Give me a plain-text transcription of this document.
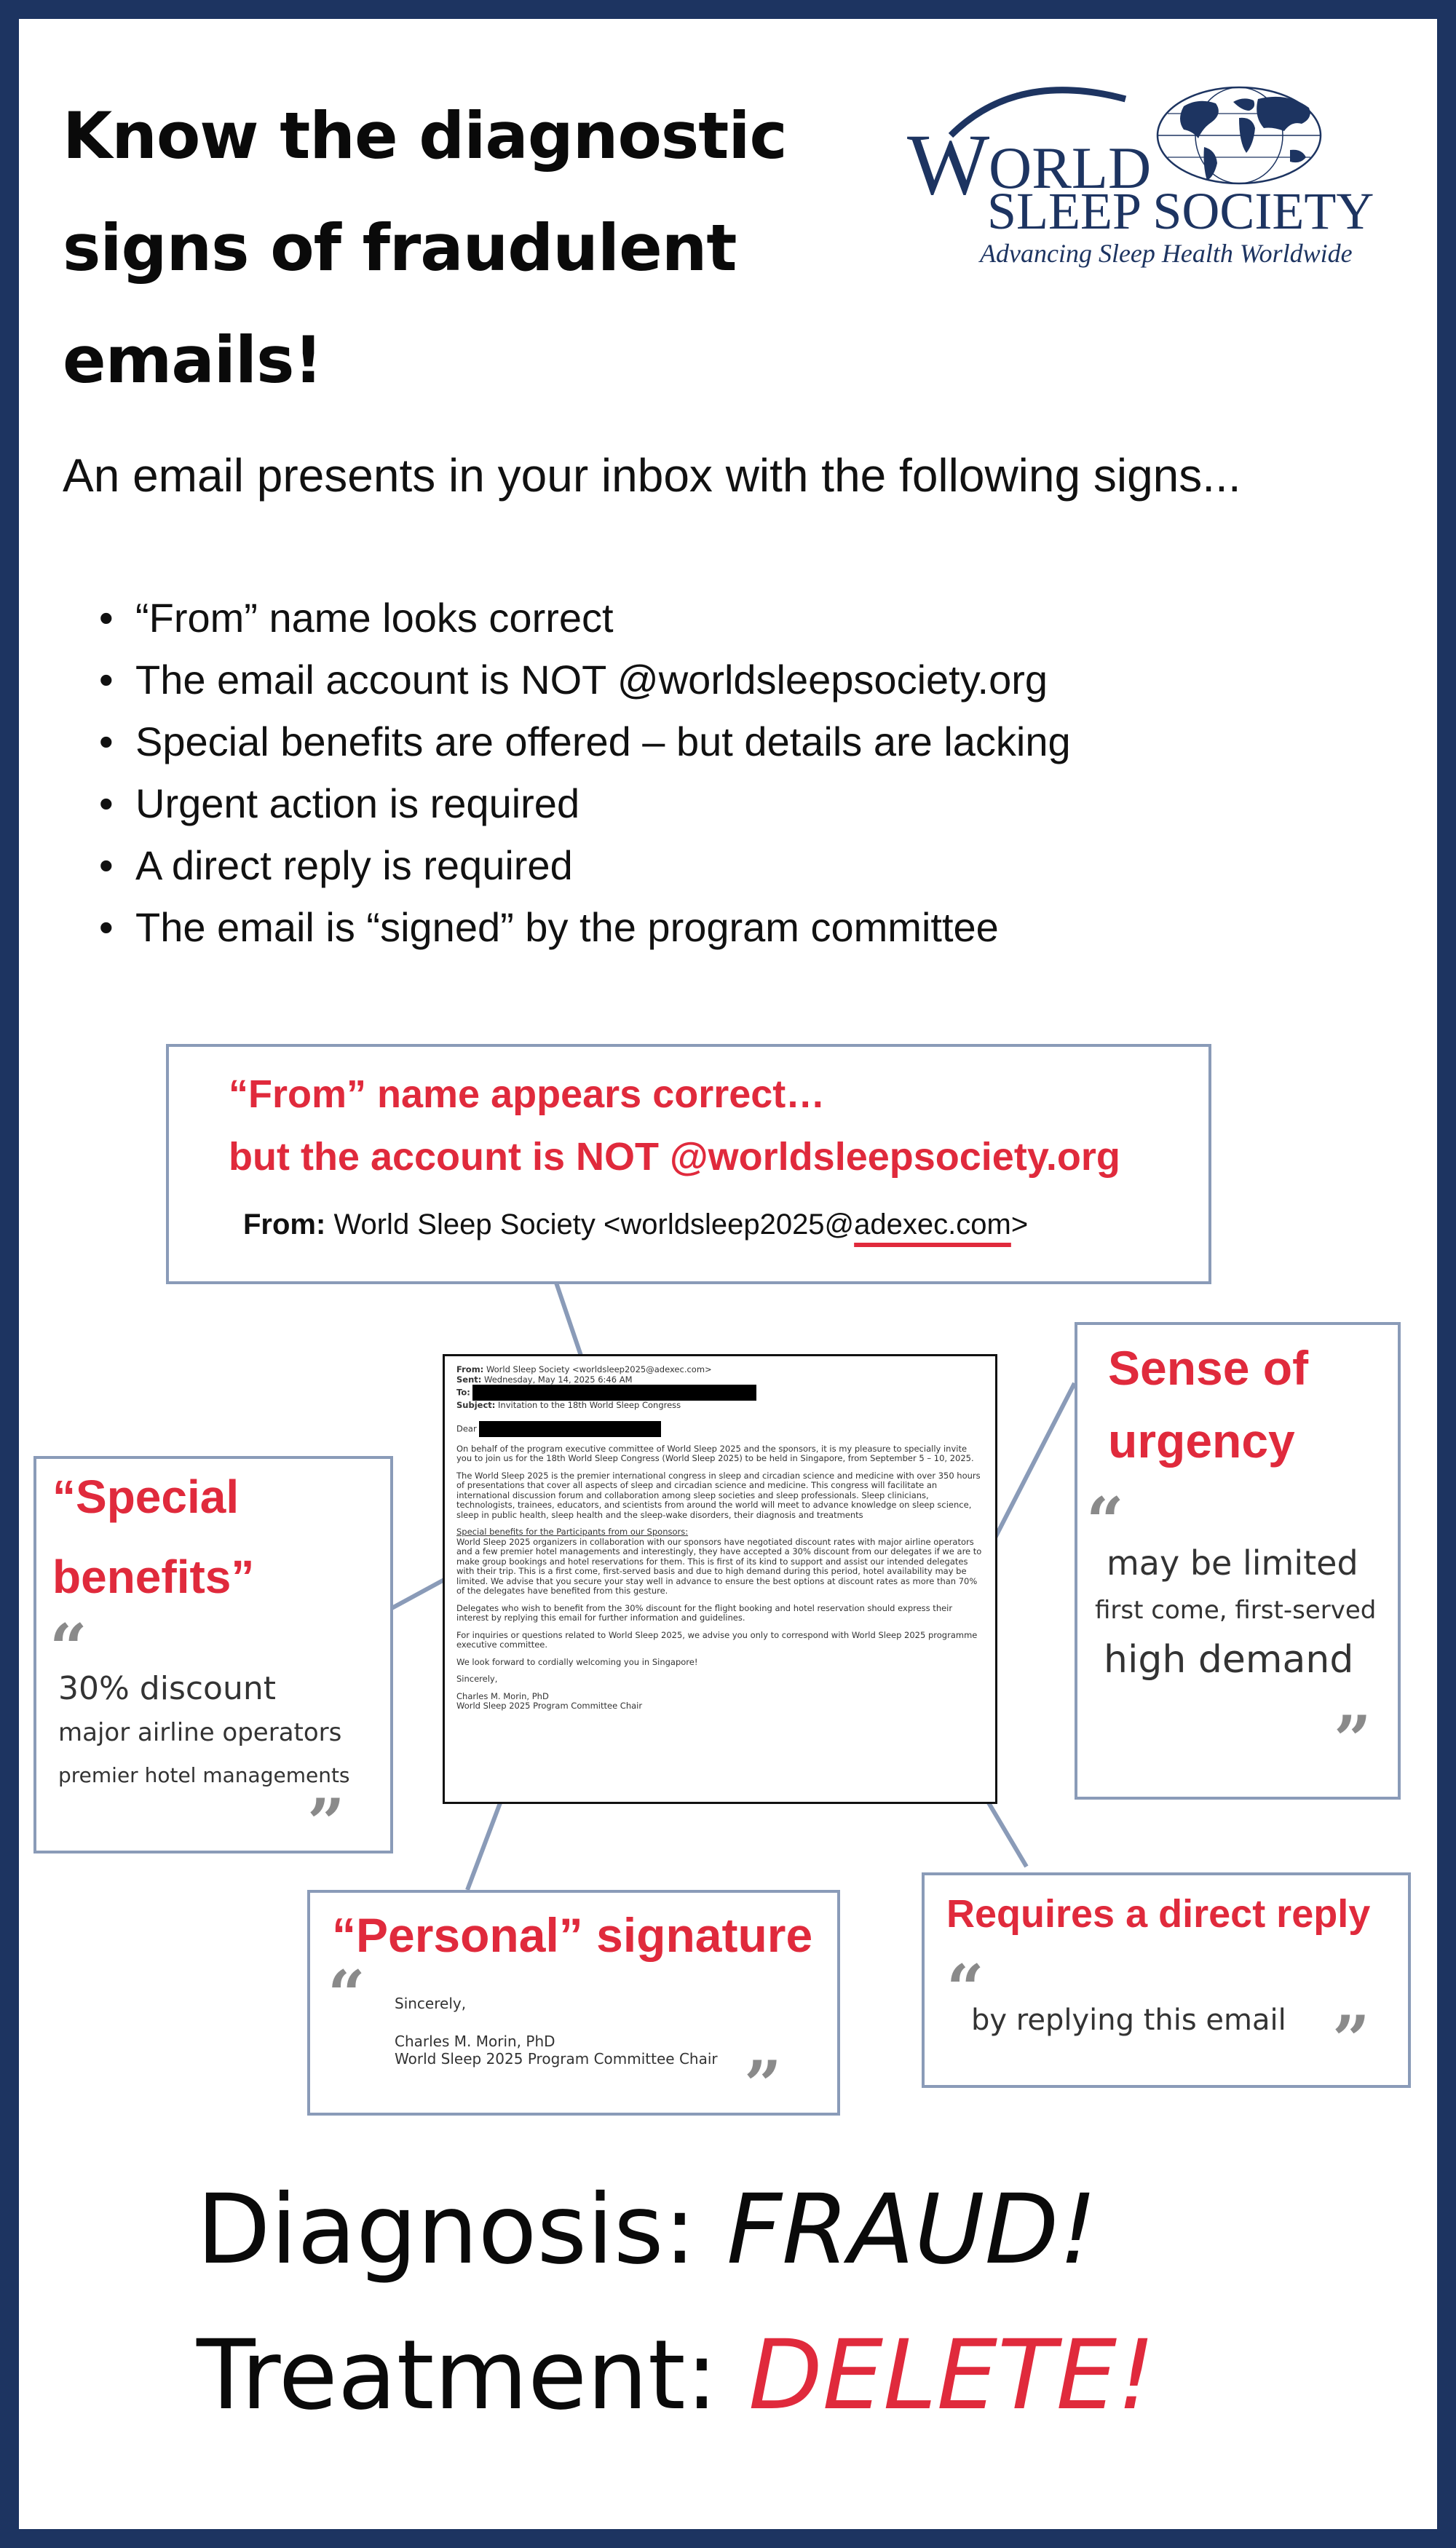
Know the diagnostic
signs of fraudulent
emails!
W
ORLD
SLEEP SOCIETY
Advancing Sleep Health Worldwide
An email presents in your inbox with the following signs...
• “From” name looks correct
• The email account is NOT @worldsleepsociety.org
• Special benefits are offered – but details are lacking
• Urgent action is required
• A direct reply is required
• The email is “signed” by the program committee
“From” name appears correct…
but the account is NOT @worldsleepsociety.org
From: World Sleep Society <worldsleep2025@adexec.com>
From: World Sleep Society <worldsleep2025@adexec.com>
Sent: Wednesday, May 14, 2025 6:46 AM
To:
Subject: Invitation to the 18th World Sleep Congress

Dear

On behalf of the program executive committee of World Sleep 2025 and the sponsors, it is my pleasure to specially invite you to join us for the 18th World Sleep Congress (World Sleep 2025) to be held in Singapore, from September 5 – 10, 2025.

The World Sleep 2025 is the premier international congress in sleep and circadian science and medicine with over 350 hours of presentations that cover all aspects of sleep and circadian science and medicine. This congress will facilitate an international discussion forum and collaboration among sleep societies and sleep professionals. Sleep clinicians, technologists, trainees, educators, and scientists from around the world will meet to advance knowledge on sleep science, sleep in public health, sleep health and the sleep-wake disorders, their diagnosis and treatments

Special benefits for the Participants from our Sponsors:

World Sleep 2025 organizers in collaboration with our sponsors have negotiated discount rates with major airline operators and a few premier hotel managements and interestingly, they have accepted a 30% discount from our delegates if we are to make group bookings and hotel reservations for them. This is first of its kind to support and assist our intended delegates with their trip. This is a first come, first-served basis and due to high demand during this period, hotel availability may be limited. We advise that you secure your stay well in advance to ensure the best options at discount rates as more than 70% of the delegates have benefited from this gesture.

Delegates who wish to benefit from the 30% discount for the flight booking and hotel reservation should express their interest by replying this email for further information and guidelines.

For inquiries or questions related to World Sleep 2025, we advise you only to correspond with World Sleep 2025 programme executive committee.

We look forward to cordially welcoming you in Singapore!

Sincerely,

Charles M. Morin, PhD
World Sleep 2025 Program Committee Chair
“Special
benefits”
“
30% discount
major airline operators
premier hotel managements
”
Sense of
urgency
“
may be limited
first come, first-served
high demand
”
“Personal” signature
“ Sincerely,
Charles M. Morin, PhD
World Sleep 2025 Program Committee Chair ”
Requires a direct reply
“
by replying this email ”
Diagnosis: FRAUD!
Treatment: DELETE!
